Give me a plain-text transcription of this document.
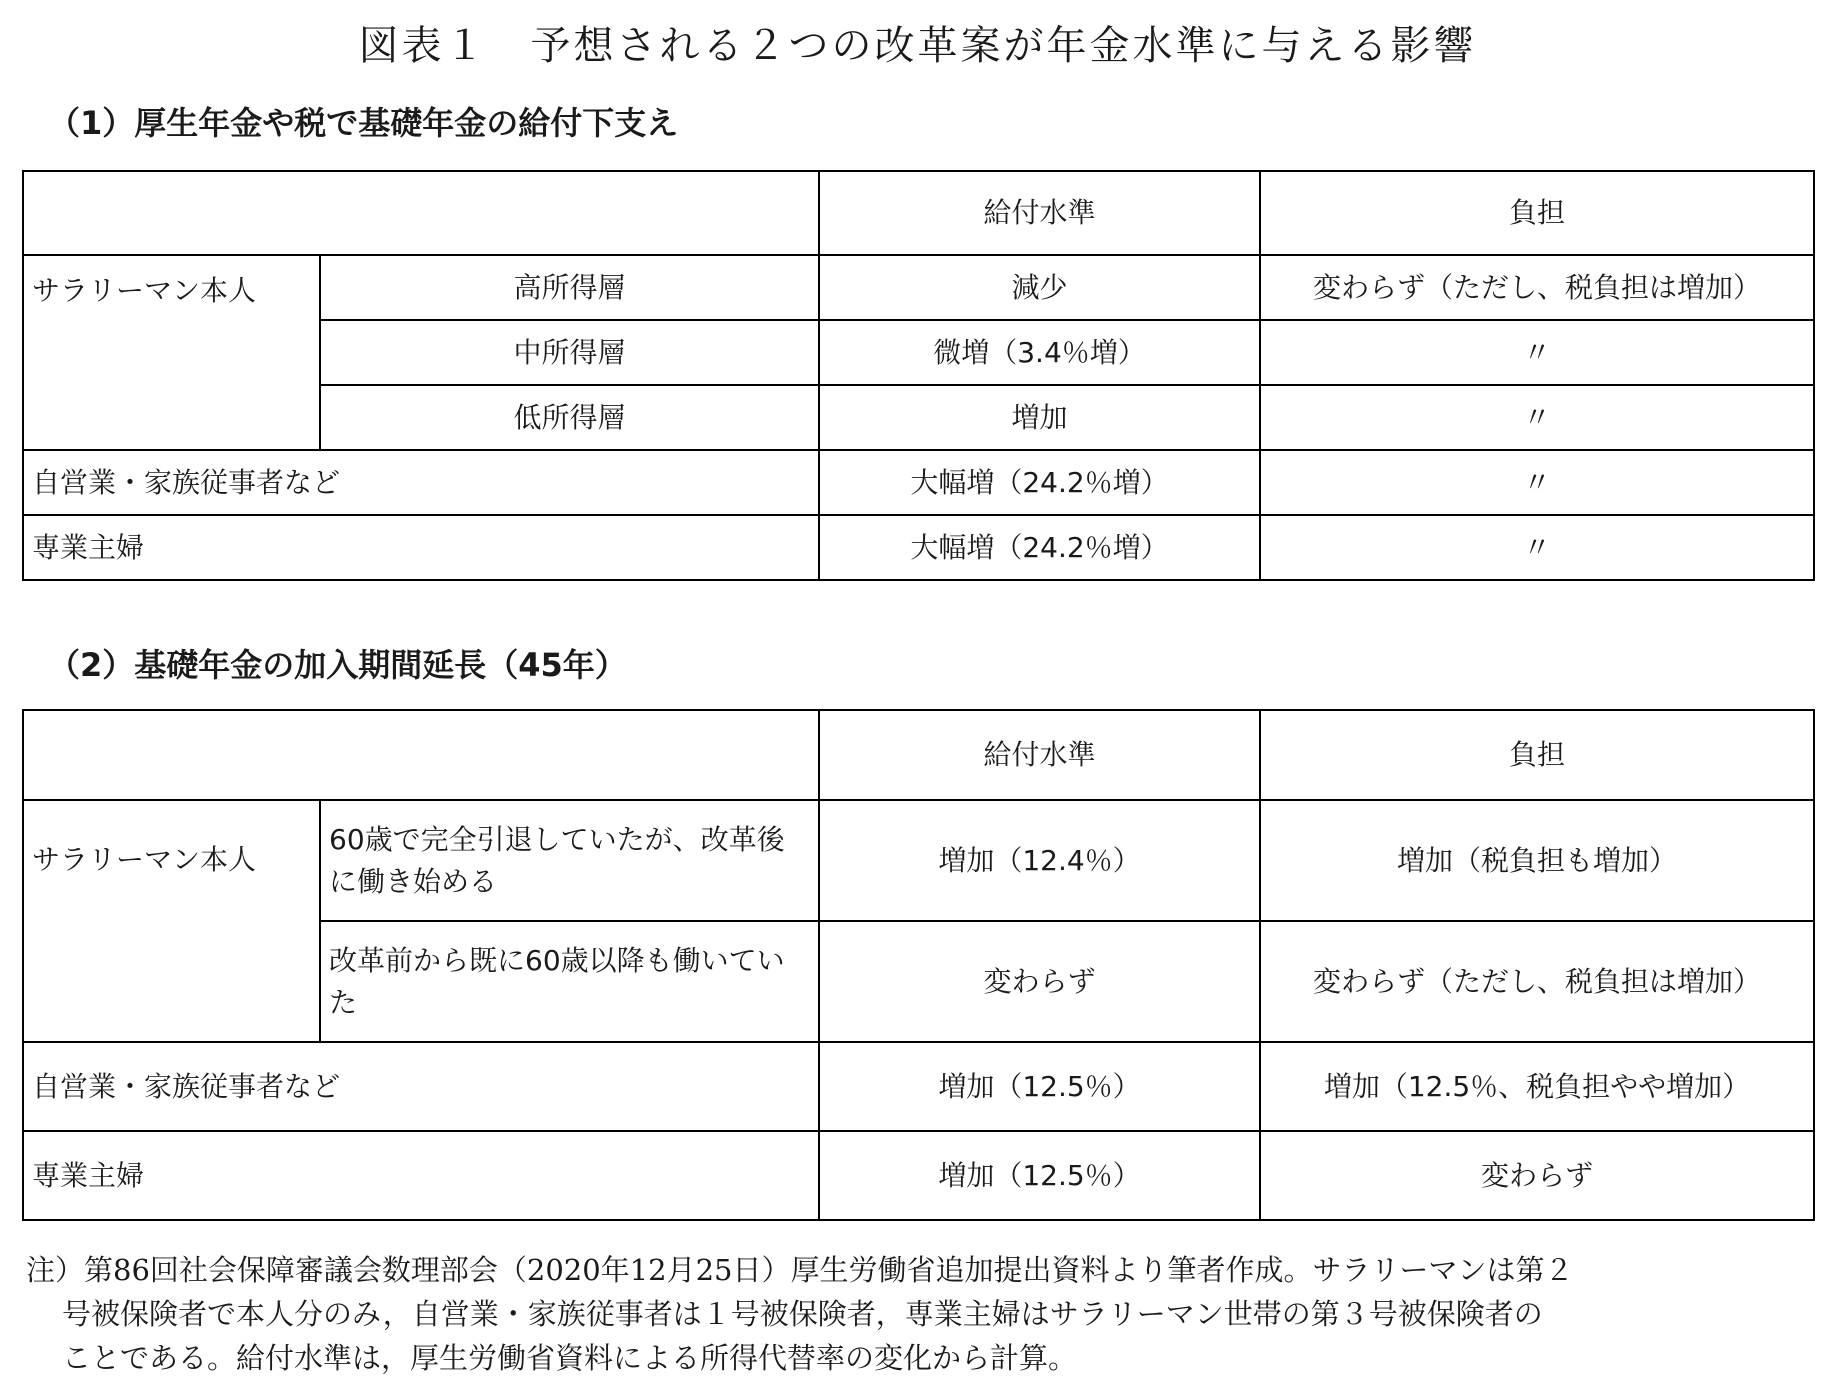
図表１　予想される２つの改革案が年金水準に与える影響
（1）厚生年金や税で基礎年金の給付下支え
		給付水準	負担
サラリーマン本人	高所得層	減少	変わらず（ただし、税負担は増加）
	中所得層	微増（3.4％増）	〃
	低所得層	増加	〃
自営業・家族従事者など		大幅増（24.2％増）	〃
専業主婦		大幅増（24.2％増）	〃
（2）基礎年金の加入期間延長（45年）
		給付水準	負担
サラリーマン本人	60歳で完全引退していたが、改革後に働き始める	増加（12.4％）	増加（税負担も増加）
	改革前から既に60歳以降も働いていた	変わらず	変わらず（ただし、税負担は増加）
自営業・家族従事者など		増加（12.5％）	増加（12.5％、税負担やや増加）
専業主婦		増加（12.5％）	変わらず
注）第86回社会保障審議会数理部会（2020年12月25日）厚生労働省追加提出資料より筆者作成。サラリーマンは第２
号被保険者で本人分のみ，自営業・家族従事者は１号被保険者，専業主婦はサラリーマン世帯の第３号被保険者の
ことである。給付水準は，厚生労働省資料による所得代替率の変化から計算。
